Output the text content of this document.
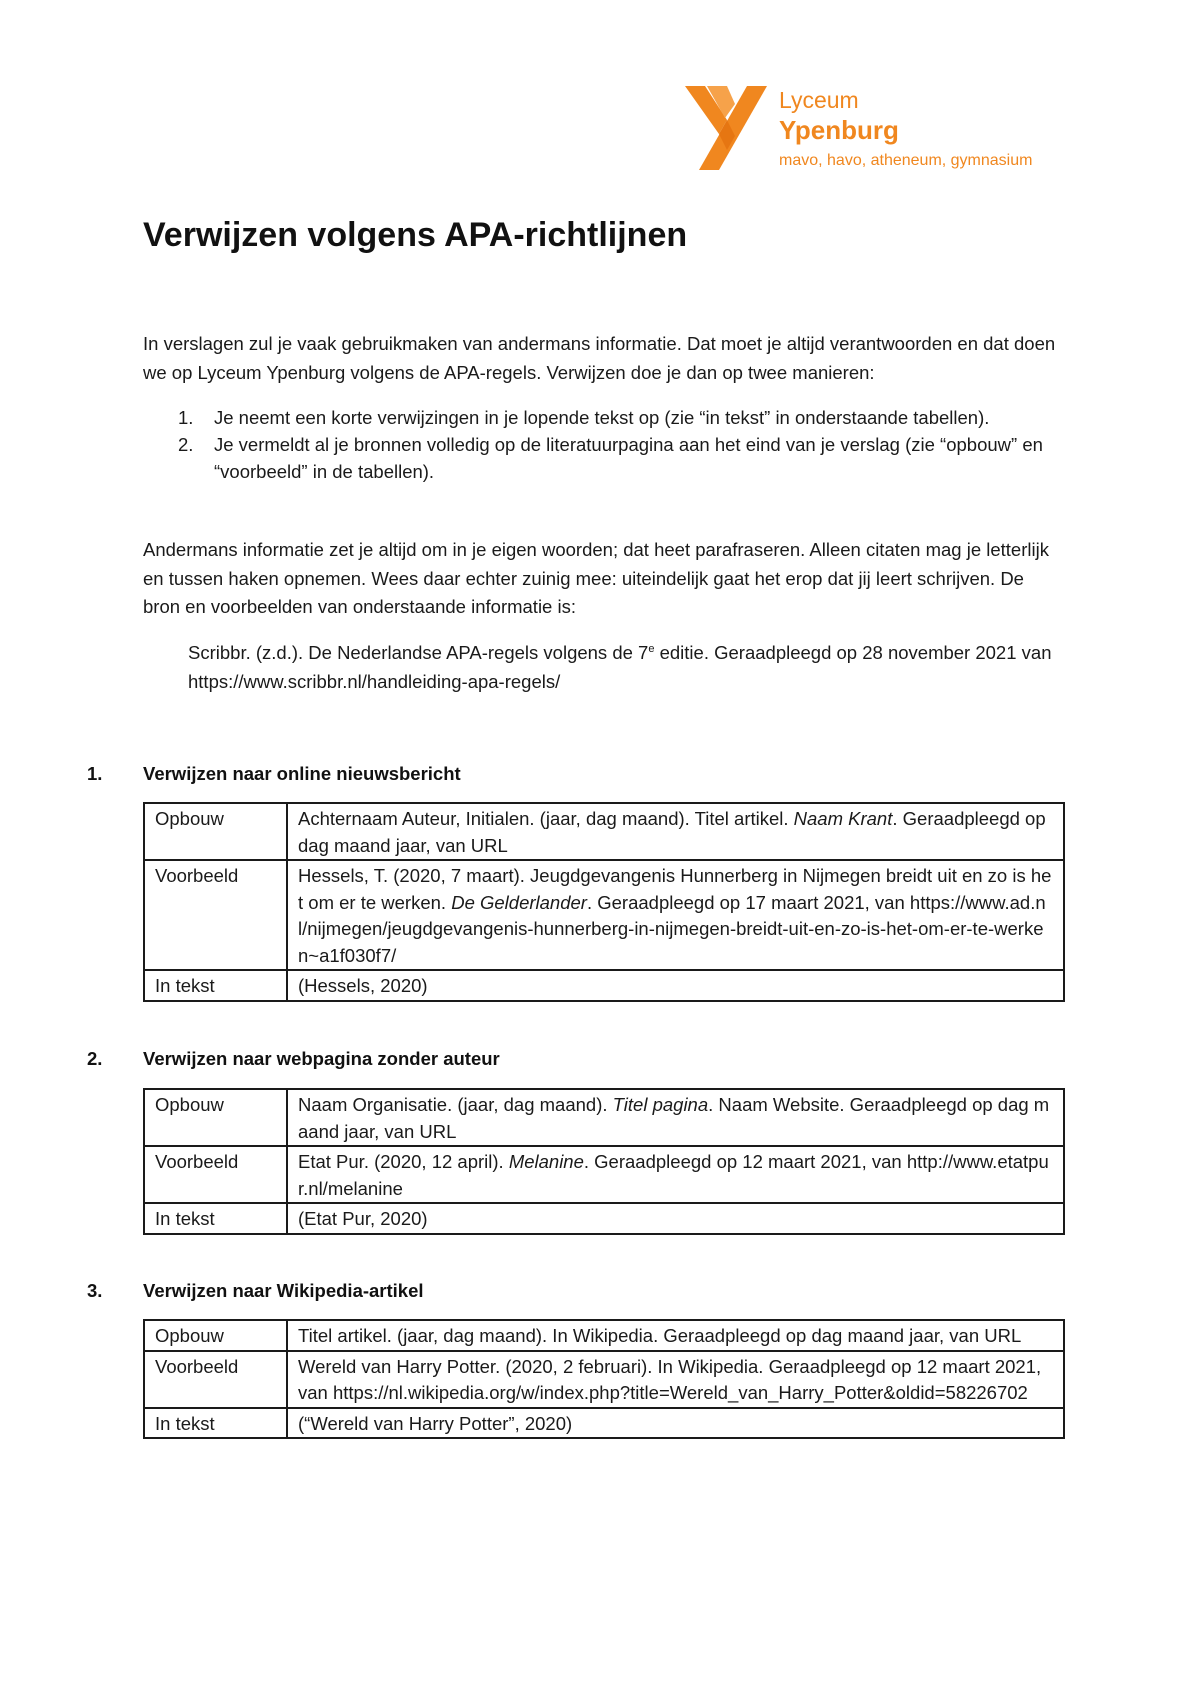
Lyceum
Ypenburg
mavo, havo, atheneum, gymnasium
Verwijzen volgens APA-richtlijnen
In verslagen zul je vaak gebruikmaken van andermans informatie. Dat moet je altijd verantwoorden en dat doen we op Lyceum Ypenburg volgens de APA-regels. Verwijzen doe je dan op twee manieren:
1. Je neemt een korte verwijzingen in je lopende tekst op (zie “in tekst” in onderstaande tabellen).
2. Je vermeldt al je bronnen volledig op de literatuurpagina aan het eind van je verslag (zie “opbouw” en “voorbeeld” in de tabellen).
Andermans informatie zet je altijd om in je eigen woorden; dat heet parafraseren. Alleen citaten mag je letterlijk en tussen haken opnemen. Wees daar echter zuinig mee: uiteindelijk gaat het erop dat jij leert schrijven. De bron en voorbeelden van onderstaande informatie is:
Scribbr. (z.d.). De Nederlandse APA-regels volgens de 7e editie. Geraadpleegd op 28 november 2021 van https://www.scribbr.nl/handleiding-apa-regels/
1. Verwijzen naar online nieuwsbericht
Opbouw	Achternaam Auteur, Initialen. (jaar, dag maand). Titel artikel. Naam Krant. Geraadpleegd op dag maand jaar, van URL
Voorbeeld	Hessels, T. (2020, 7 maart). Jeugdgevangenis Hunnerberg in Nijmegen breidt uit en zo is het om er te werken. De Gelderlander. Geraadpleegd op 17 maart 2021, van https://www.ad.nl/nijmegen/jeugdgevangenis-hunnerberg-in-nijmegen-breidt-uit-en-zo-is-het-om-er-te-werken~a1f030f7/
In tekst	(Hessels, 2020)
2. Verwijzen naar webpagina zonder auteur
Opbouw	Naam Organisatie. (jaar, dag maand). Titel pagina. Naam Website. Geraadpleegd op dag maand jaar, van URL
Voorbeeld	Etat Pur. (2020, 12 april). Melanine. Geraadpleegd op 12 maart 2021, van http://www.etatpur.nl/melanine
In tekst	(Etat Pur, 2020)
3. Verwijzen naar Wikipedia-artikel
Opbouw	Titel artikel. (jaar, dag maand). In Wikipedia. Geraadpleegd op dag maand jaar, van URL
Voorbeeld	Wereld van Harry Potter. (2020, 2 februari). In Wikipedia. Geraadpleegd op 12 maart 2021, van https://nl.wikipedia.org/w/index.php?title=Wereld_van_Harry_Potter&oldid=58226702
In tekst	(“Wereld van Harry Potter”, 2020)
